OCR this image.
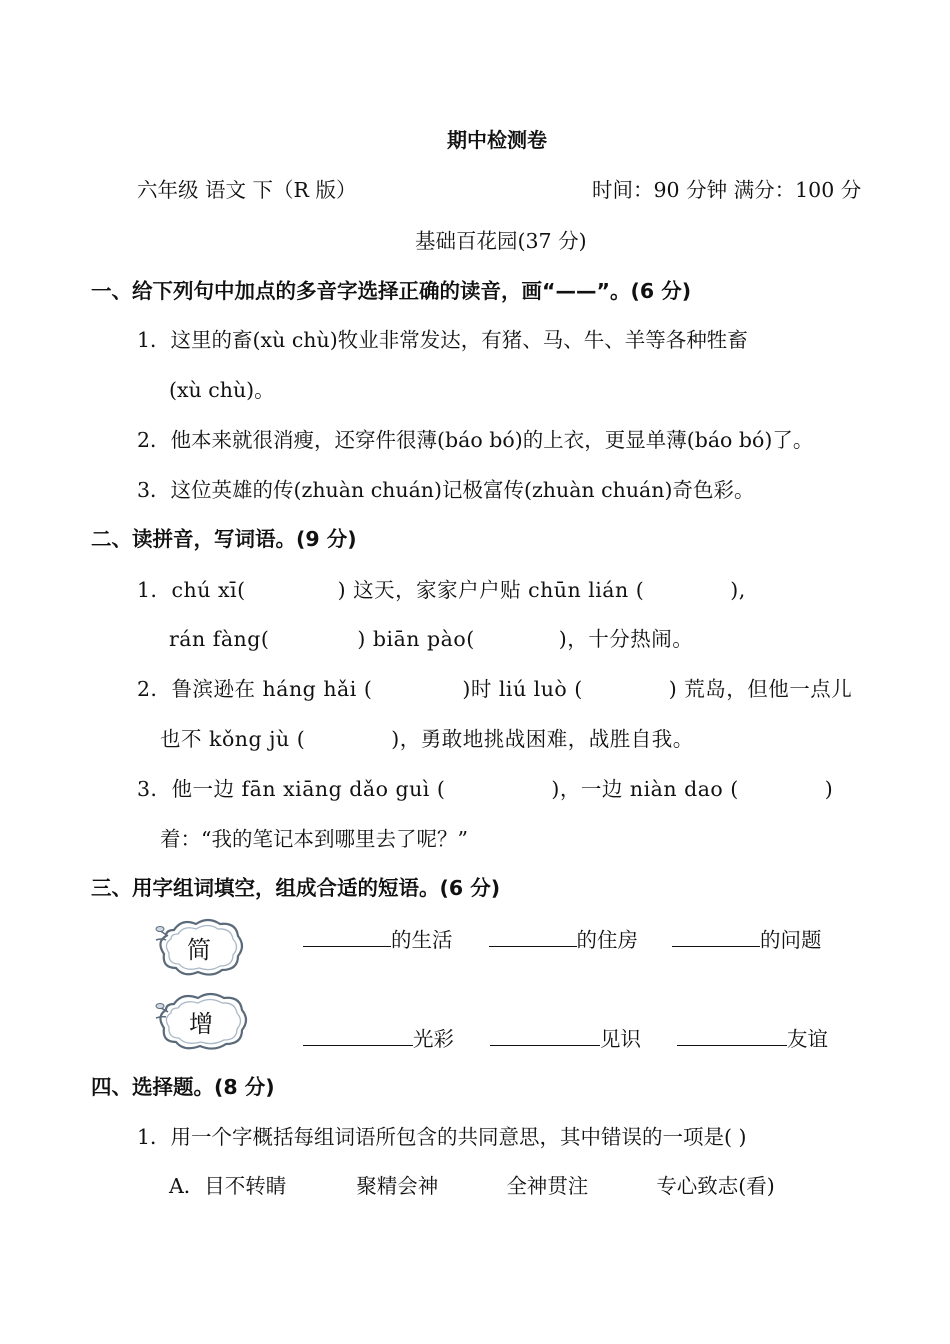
期中检测卷
六年级 语文 下（R 版）	时间：90 分钟 满分：100 分
基础百花园(37 分)
一、给下列句中加点的多音字选择正确的读音，画“——”。(6 分)
1．这里的畜(xù chù)牧业非常发达，有猪、马、牛、羊等各种牲畜
(xù chù)。
2．他本来就很消瘦，还穿件很薄(báo bó)的上衣，更显单薄(báo bó)了。
3．这位英雄的传(zhuàn chuán)记极富传(zhuàn chuán)奇色彩。
二、读拼音，写词语。(9 分)
1．chú xī(	) 这天，家家户户贴 chūn lián (	),
rán fàng(	) biān pào(	)，十分热闹。
2．鲁滨逊在 háng hǎi (	)时 liú luò (	) 荒岛，但他一点儿
也不 kǒng jù (	)，勇敢地挑战困难，战胜自我。
3．他一边 fān xiāng dǎo guì (	)，一边 niàn dao (	)
着：“我的笔记本到哪里去了呢？”
三、用字组词填空，组成合适的短语。(6 分)
简	的生活	的住房	的问题
增
光彩	见识	友谊
四、选择题。(8 分)
1．用一个字概括每组词语所包含的共同意思，其中错误的一项是( )
A．目不转睛	聚精会神	全神贯注	专心致志(看)
